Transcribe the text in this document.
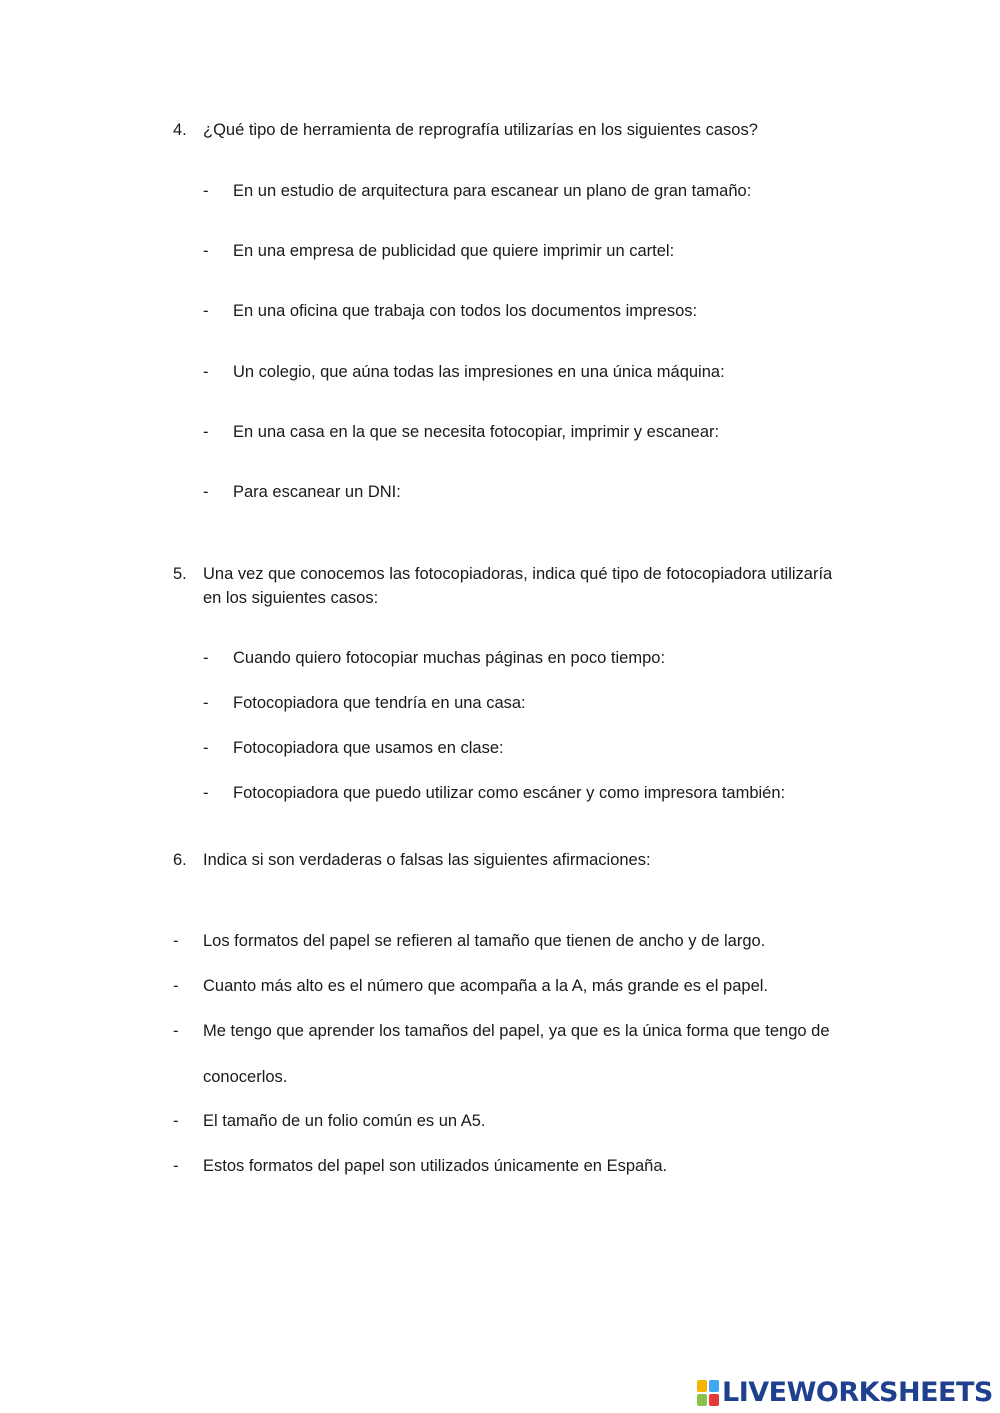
4. ¿Qué tipo de herramienta de reprografía utilizarías en los siguientes casos?
- En un estudio de arquitectura para escanear un plano de gran tamaño:
- En una empresa de publicidad que quiere imprimir un cartel:
- En una oficina que trabaja con todos los documentos impresos:
- Un colegio, que aúna todas las impresiones en una única máquina:
- En una casa en la que se necesita fotocopiar, imprimir y escanear:
- Para escanear un DNI:
5. Una vez que conocemos las fotocopiadoras, indica qué tipo de fotocopiadora utilizaría
en los siguientes casos:
- Cuando quiero fotocopiar muchas páginas en poco tiempo:
- Fotocopiadora que tendría en una casa:
- Fotocopiadora que usamos en clase:
- Fotocopiadora que puedo utilizar como escáner y como impresora también:
6. Indica si son verdaderas o falsas las siguientes afirmaciones:
- Los formatos del papel se refieren al tamaño que tienen de ancho y de largo.
- Cuanto más alto es el número que acompaña a la A, más grande es el papel.
- Me tengo que aprender los tamaños del papel, ya que es la única forma que tengo de
conocerlos.
- El tamaño de un folio común es un A5.
- Estos formatos del papel son utilizados únicamente en España.
LIVEWORKSHEETS
